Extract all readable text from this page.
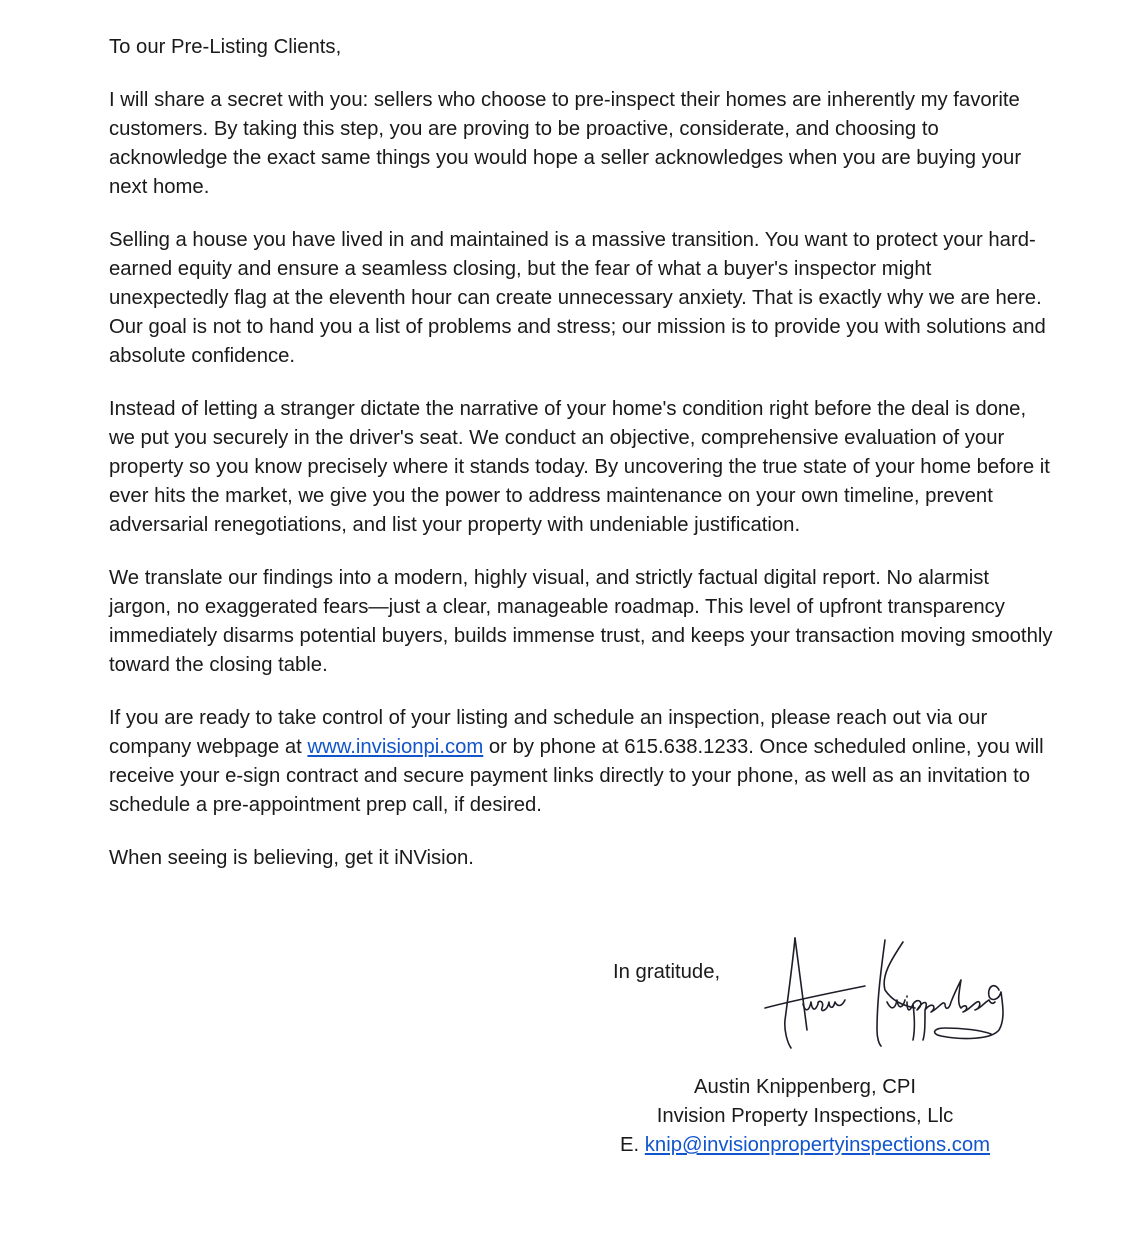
To our Pre-Listing Clients,

I will share a secret with you: sellers who choose to pre-inspect their homes are inherently my favorite customers. By taking this step, you are proving to be proactive, considerate, and choosing to acknowledge the exact same things you would hope a seller acknowledges when you are buying your next home.

Selling a house you have lived in and maintained is a massive transition. You want to protect your hard-earned equity and ensure a seamless closing, but the fear of what a buyer's inspector might unexpectedly flag at the eleventh hour can create unnecessary anxiety. That is exactly why we are here. Our goal is not to hand you a list of problems and stress; our mission is to provide you with solutions and absolute confidence.

Instead of letting a stranger dictate the narrative of your home's condition right before the deal is done, we put you securely in the driver's seat. We conduct an objective, comprehensive evaluation of your property so you know precisely where it stands today. By uncovering the true state of your home before it ever hits the market, we give you the power to address maintenance on your own timeline, prevent adversarial renegotiations, and list your property with undeniable justification.

We translate our findings into a modern, highly visual, and strictly factual digital report. No alarmist jargon, no exaggerated fears—just a clear, manageable roadmap. This level of upfront transparency immediately disarms potential buyers, builds immense trust, and keeps your transaction moving smoothly toward the closing table.

If you are ready to take control of your listing and schedule an inspection, please reach out via our company webpage at www.invisionpi.com or by phone at 615.638.1233. Once scheduled online, you will receive your e-sign contract and secure payment links directly to your phone, as well as an invitation to schedule a pre-appointment prep call, if desired.

When seeing is believing, get it iNVision.

In gratitude,
Austin Knippenberg, CPI
Invision Property Inspections, Llc
E. knip@invisionpropertyinspections.com
